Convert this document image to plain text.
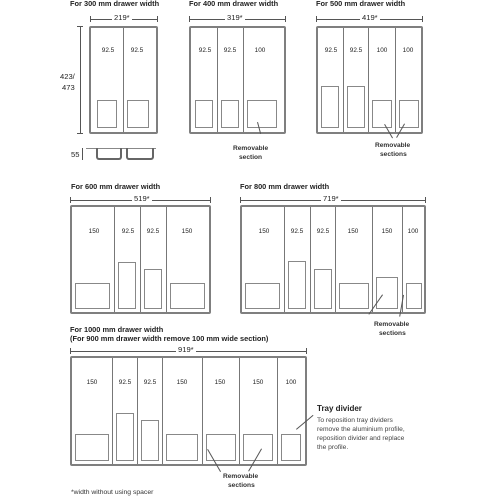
For 300 mm drawer width	For 400 mm drawer width	For 500 mm drawer width
For 600 mm drawer width	For 800 mm drawer width
For 1000 mm drawer width
(For 900 mm drawer width remove 100 mm wide section)
219*
423/
473
92.5	92.5
55
319*
92.5 92.5	100
Removable
section
419*
92.5 92.5 100 100
Removable
sections
519*
150	92.5 92.5	150
719*
150	92.5 92.5	150	150 100
Removable
sections
919*
150	92.5 92.5	150	150	150	100
Tray divider
To reposition tray dividers
remove the aluminium profile,
reposition divider and replace
the profile.
Removable
sections
*width without using spacer
